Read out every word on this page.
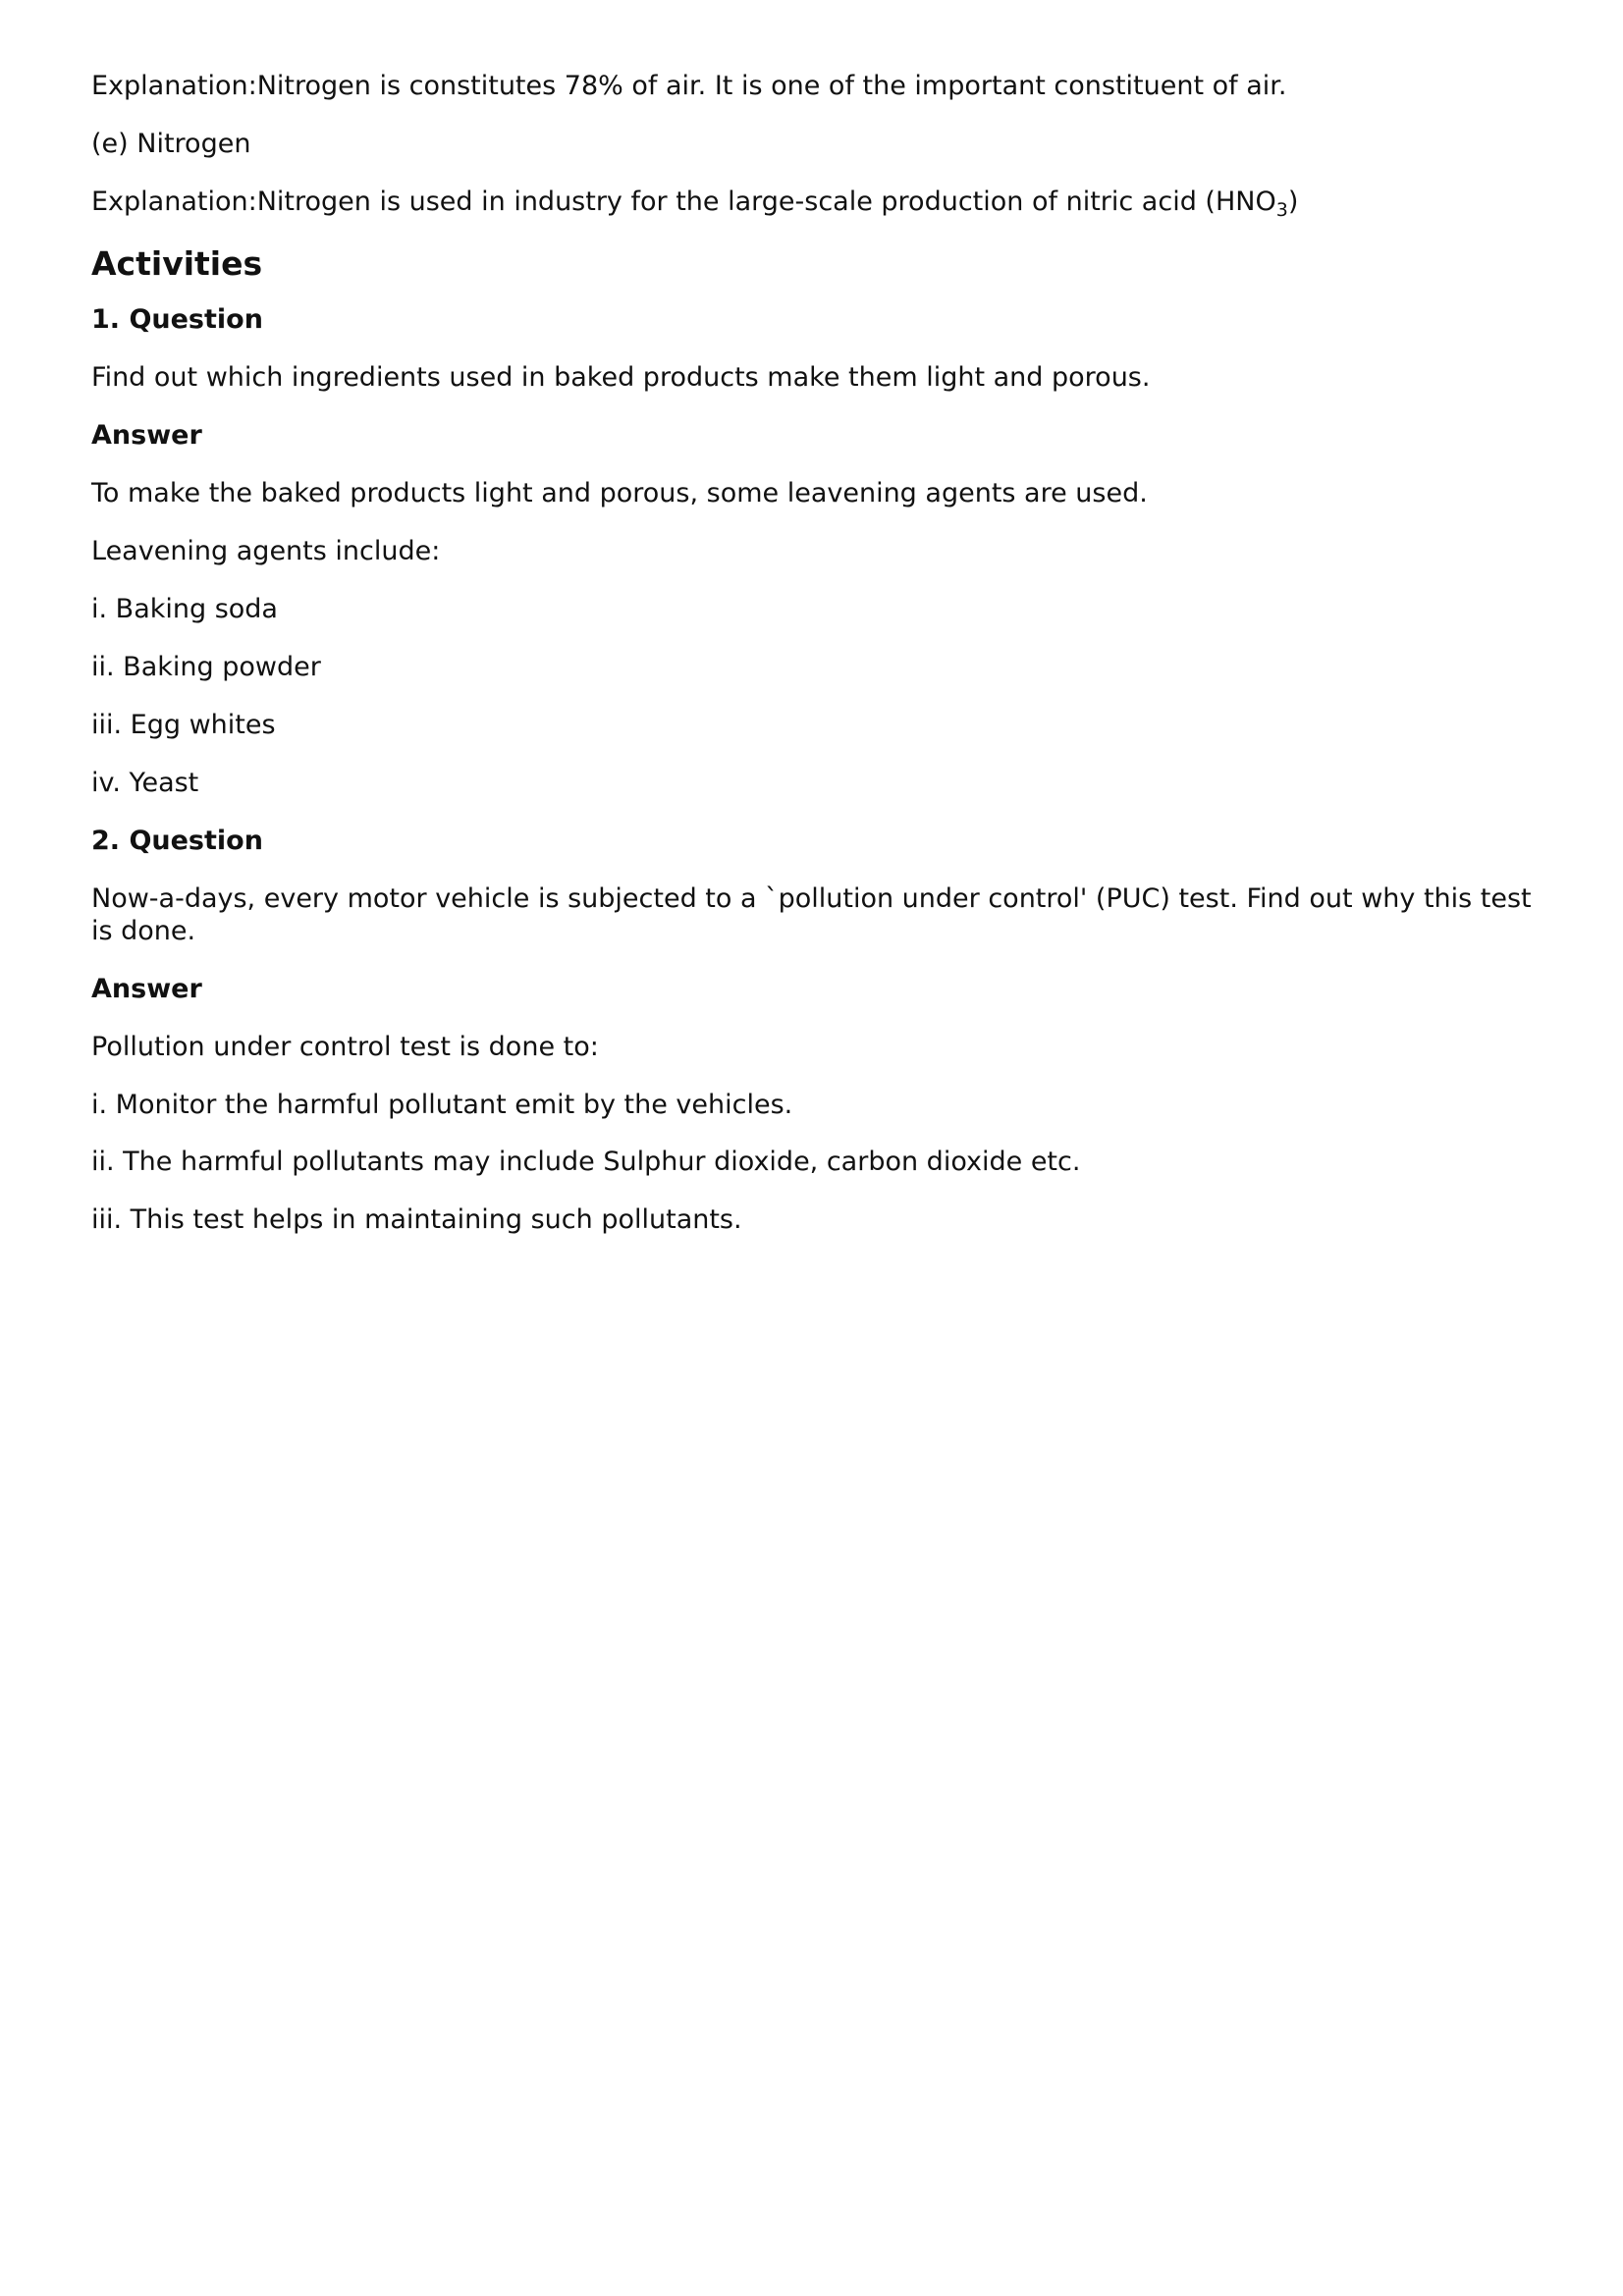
Explanation:Nitrogen is constitutes 78% of air. It is one of the important constituent of air.

(e) Nitrogen

Explanation:Nitrogen is used in industry for the large-scale production of nitric acid $(HNO_3)$

Activities
1. Question

Find out which ingredients used in baked products make them light and porous.

Answer

To make the baked products light and porous, some leavening agents are used.

Leavening agents include:

i. Baking soda

ii. Baking powder

iii. Egg whites

iv. Yeast

2. Question

Now-a-days, every motor vehicle is subjected to a `pollution under control' (PUC) test. Find out why this test is done.

Answer

Pollution under control test is done to:

i. Monitor the harmful pollutant emit by the vehicles.

ii. The harmful pollutants may include Sulphur dioxide, carbon dioxide etc.

iii. This test helps in maintaining such pollutants.
